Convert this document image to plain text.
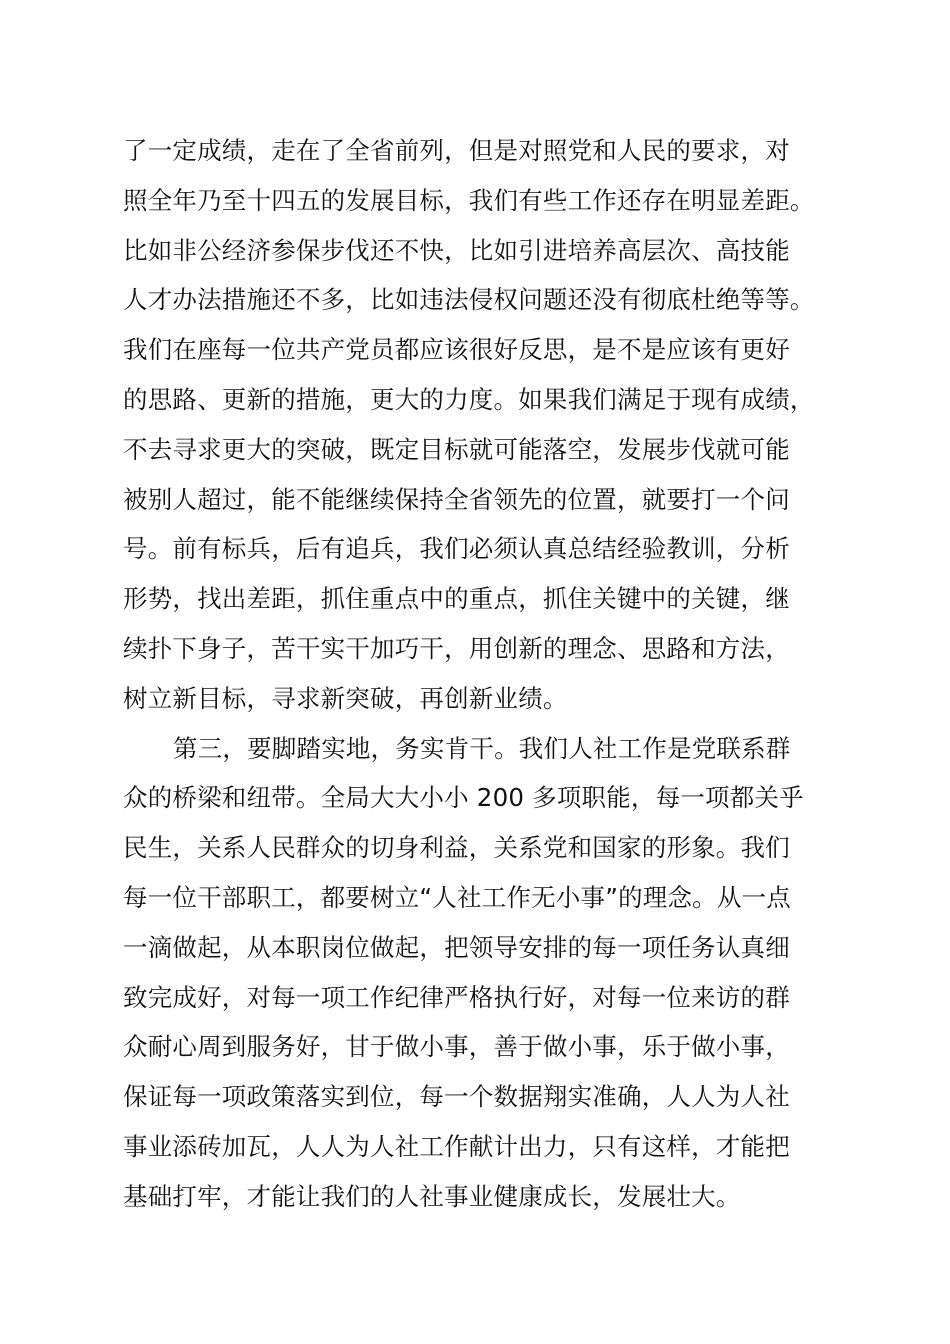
了一定成绩，走在了全省前列，但是对照党和人民的要求，对
照全年乃至十四五的发展目标，我们有些工作还存在明显差距。
比如非公经济参保步伐还不快，比如引进培养高层次、高技能
人才办法措施还不多，比如违法侵权问题还没有彻底杜绝等等。
我们在座每一位共产党员都应该很好反思，是不是应该有更好
的思路、更新的措施，更大的力度。如果我们满足于现有成绩，
不去寻求更大的突破，既定目标就可能落空，发展步伐就可能
被别人超过，能不能继续保持全省领先的位置，就要打一个问
号。前有标兵，后有追兵，我们必须认真总结经验教训，分析
形势，找出差距，抓住重点中的重点，抓住关键中的关键，继
续扑下身子，苦干实干加巧干，用创新的理念、思路和方法，
树立新目标，寻求新突破，再创新业绩。
第三，要脚踏实地，务实肯干。我们人社工作是党联系群
众的桥梁和纽带。全局大大小小 200 多项职能，每一项都关乎
民生，关系人民群众的切身利益，关系党和国家的形象。我们
每一位干部职工，都要树立“人社工作无小事”的理念。从一点
一滴做起，从本职岗位做起，把领导安排的每一项任务认真细
致完成好，对每一项工作纪律严格执行好，对每一位来访的群
众耐心周到服务好，甘于做小事，善于做小事，乐于做小事，
保证每一项政策落实到位，每一个数据翔实准确，人人为人社
事业添砖加瓦，人人为人社工作献计出力，只有这样，才能把
基础打牢，才能让我们的人社事业健康成长，发展壮大。
